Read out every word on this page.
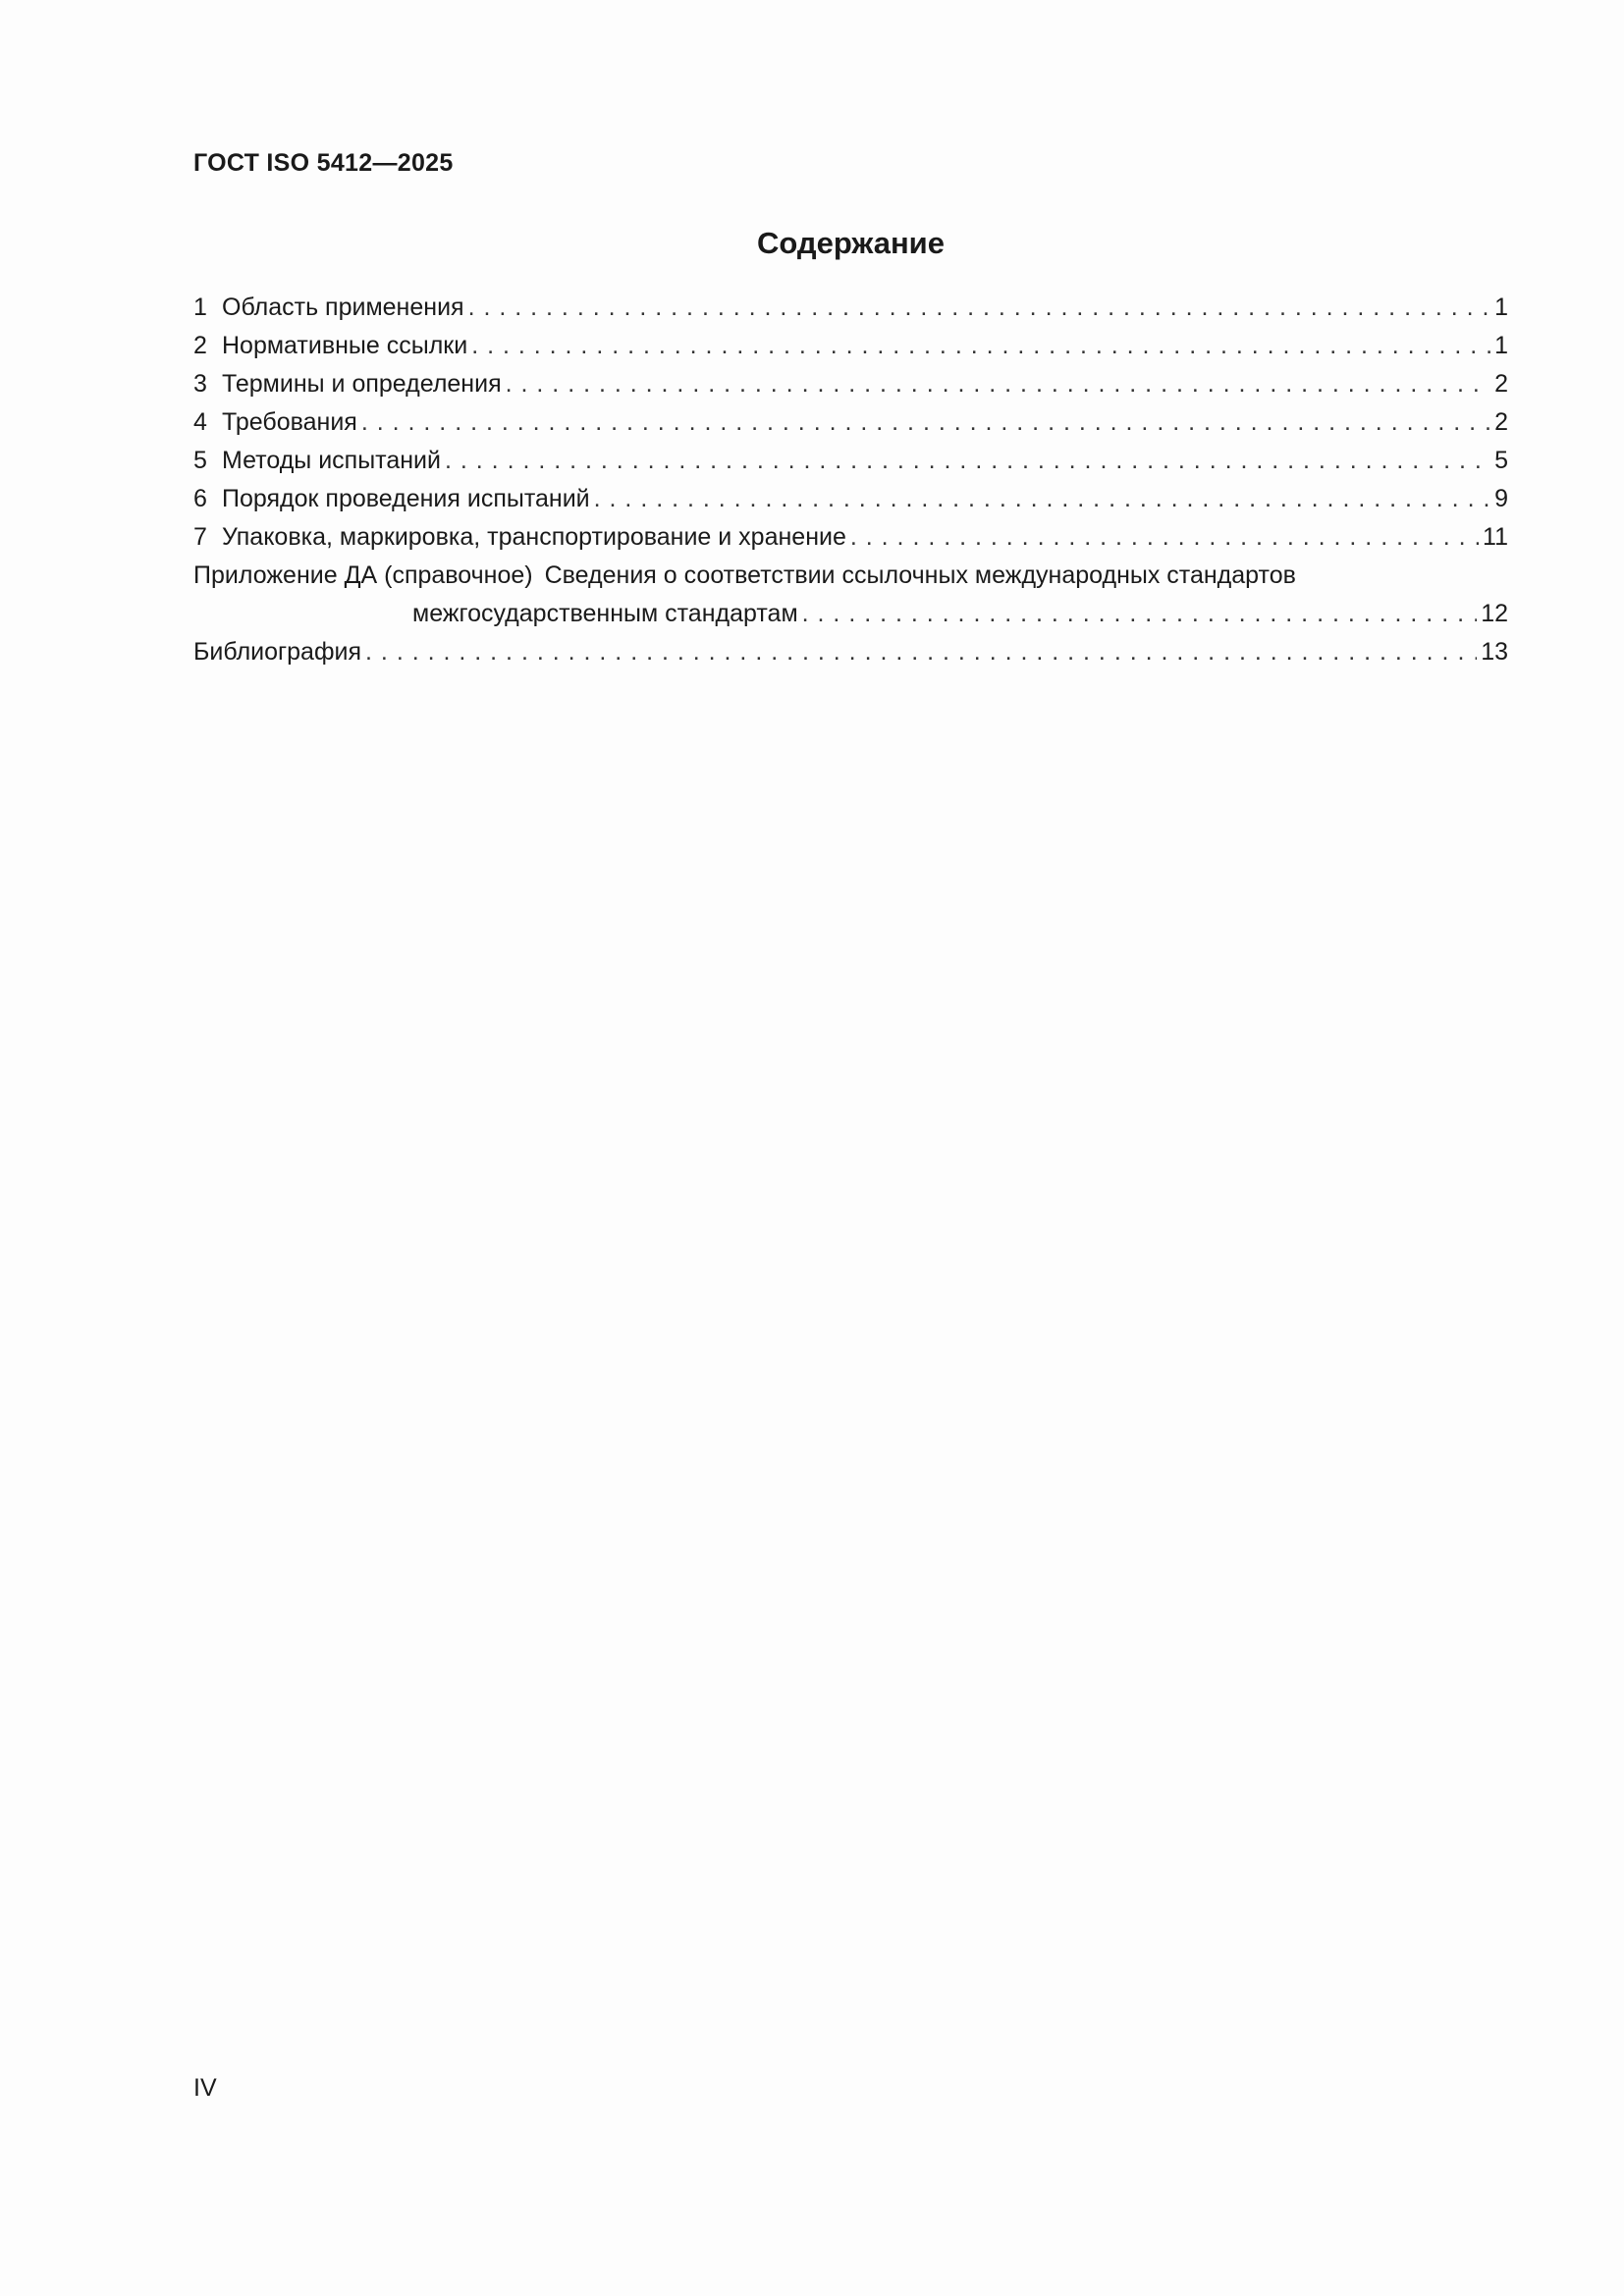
ГОСТ ISO 5412—2025
Содержание
1 Область применения . . .	1
2 Нормативные ссылки . . .	1
3 Термины и определения . . .	2
4 Требования . . .	2
5 Методы испытаний . . .	5
6 Порядок проведения испытаний . . .	9
7 Упаковка, маркировка, транспортирование и хранение . . .	11
Приложение ДА (справочное) Сведения о соответствии ссылочных международных стандартов
межгосударственным стандартам . . .	12
Библиография . . .	13
IV
